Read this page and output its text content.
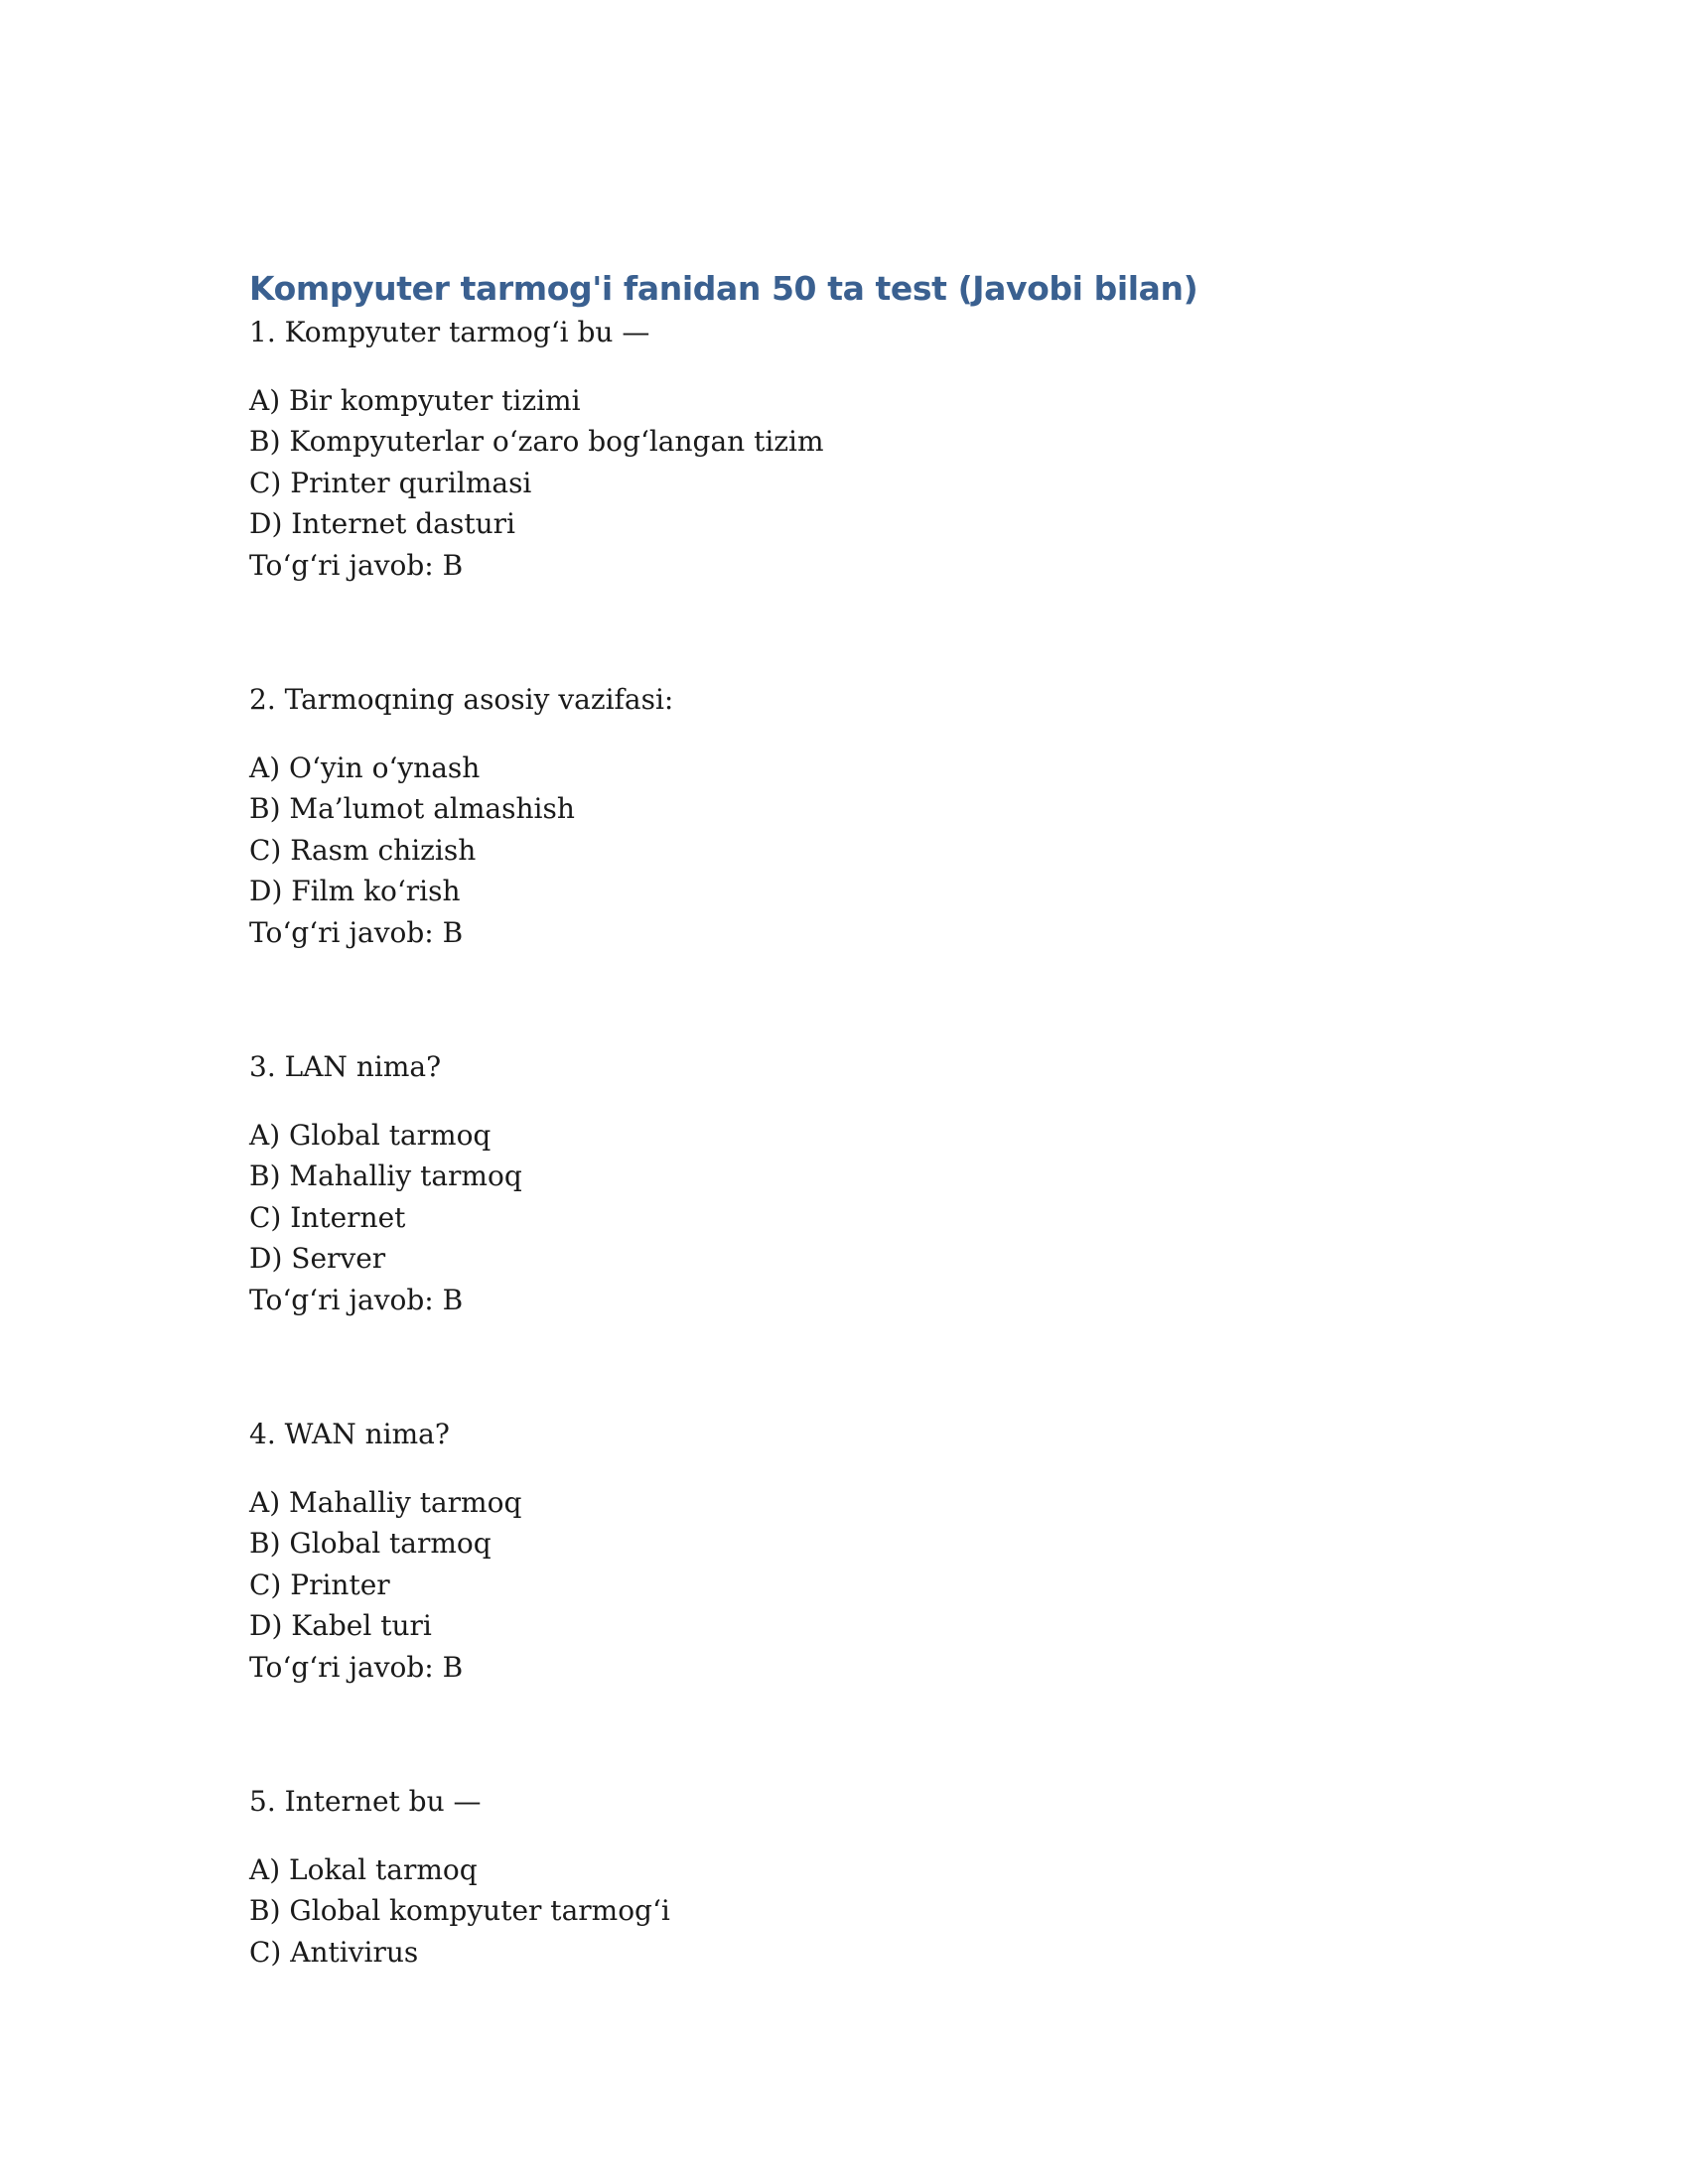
Kompyuter tarmog'i fanidan 50 ta test (Javobi bilan)

1. Kompyuter tarmog‘i bu —

A) Bir kompyuter tizimi

B) Kompyuterlar o‘zaro bog‘langan tizim

C) Printer qurilmasi

D) Internet dasturi

To‘g‘ri javob: B

2. Tarmoqning asosiy vazifasi:

A) O‘yin o‘ynash

B) Ma’lumot almashish

C) Rasm chizish

D) Film ko‘rish

To‘g‘ri javob: B

3. LAN nima?

A) Global tarmoq

B) Mahalliy tarmoq

C) Internet

D) Server

To‘g‘ri javob: B

4. WAN nima?

A) Mahalliy tarmoq

B) Global tarmoq

C) Printer

D) Kabel turi

To‘g‘ri javob: B

5. Internet bu —

A) Lokal tarmoq

B) Global kompyuter tarmog‘i

C) Antivirus
